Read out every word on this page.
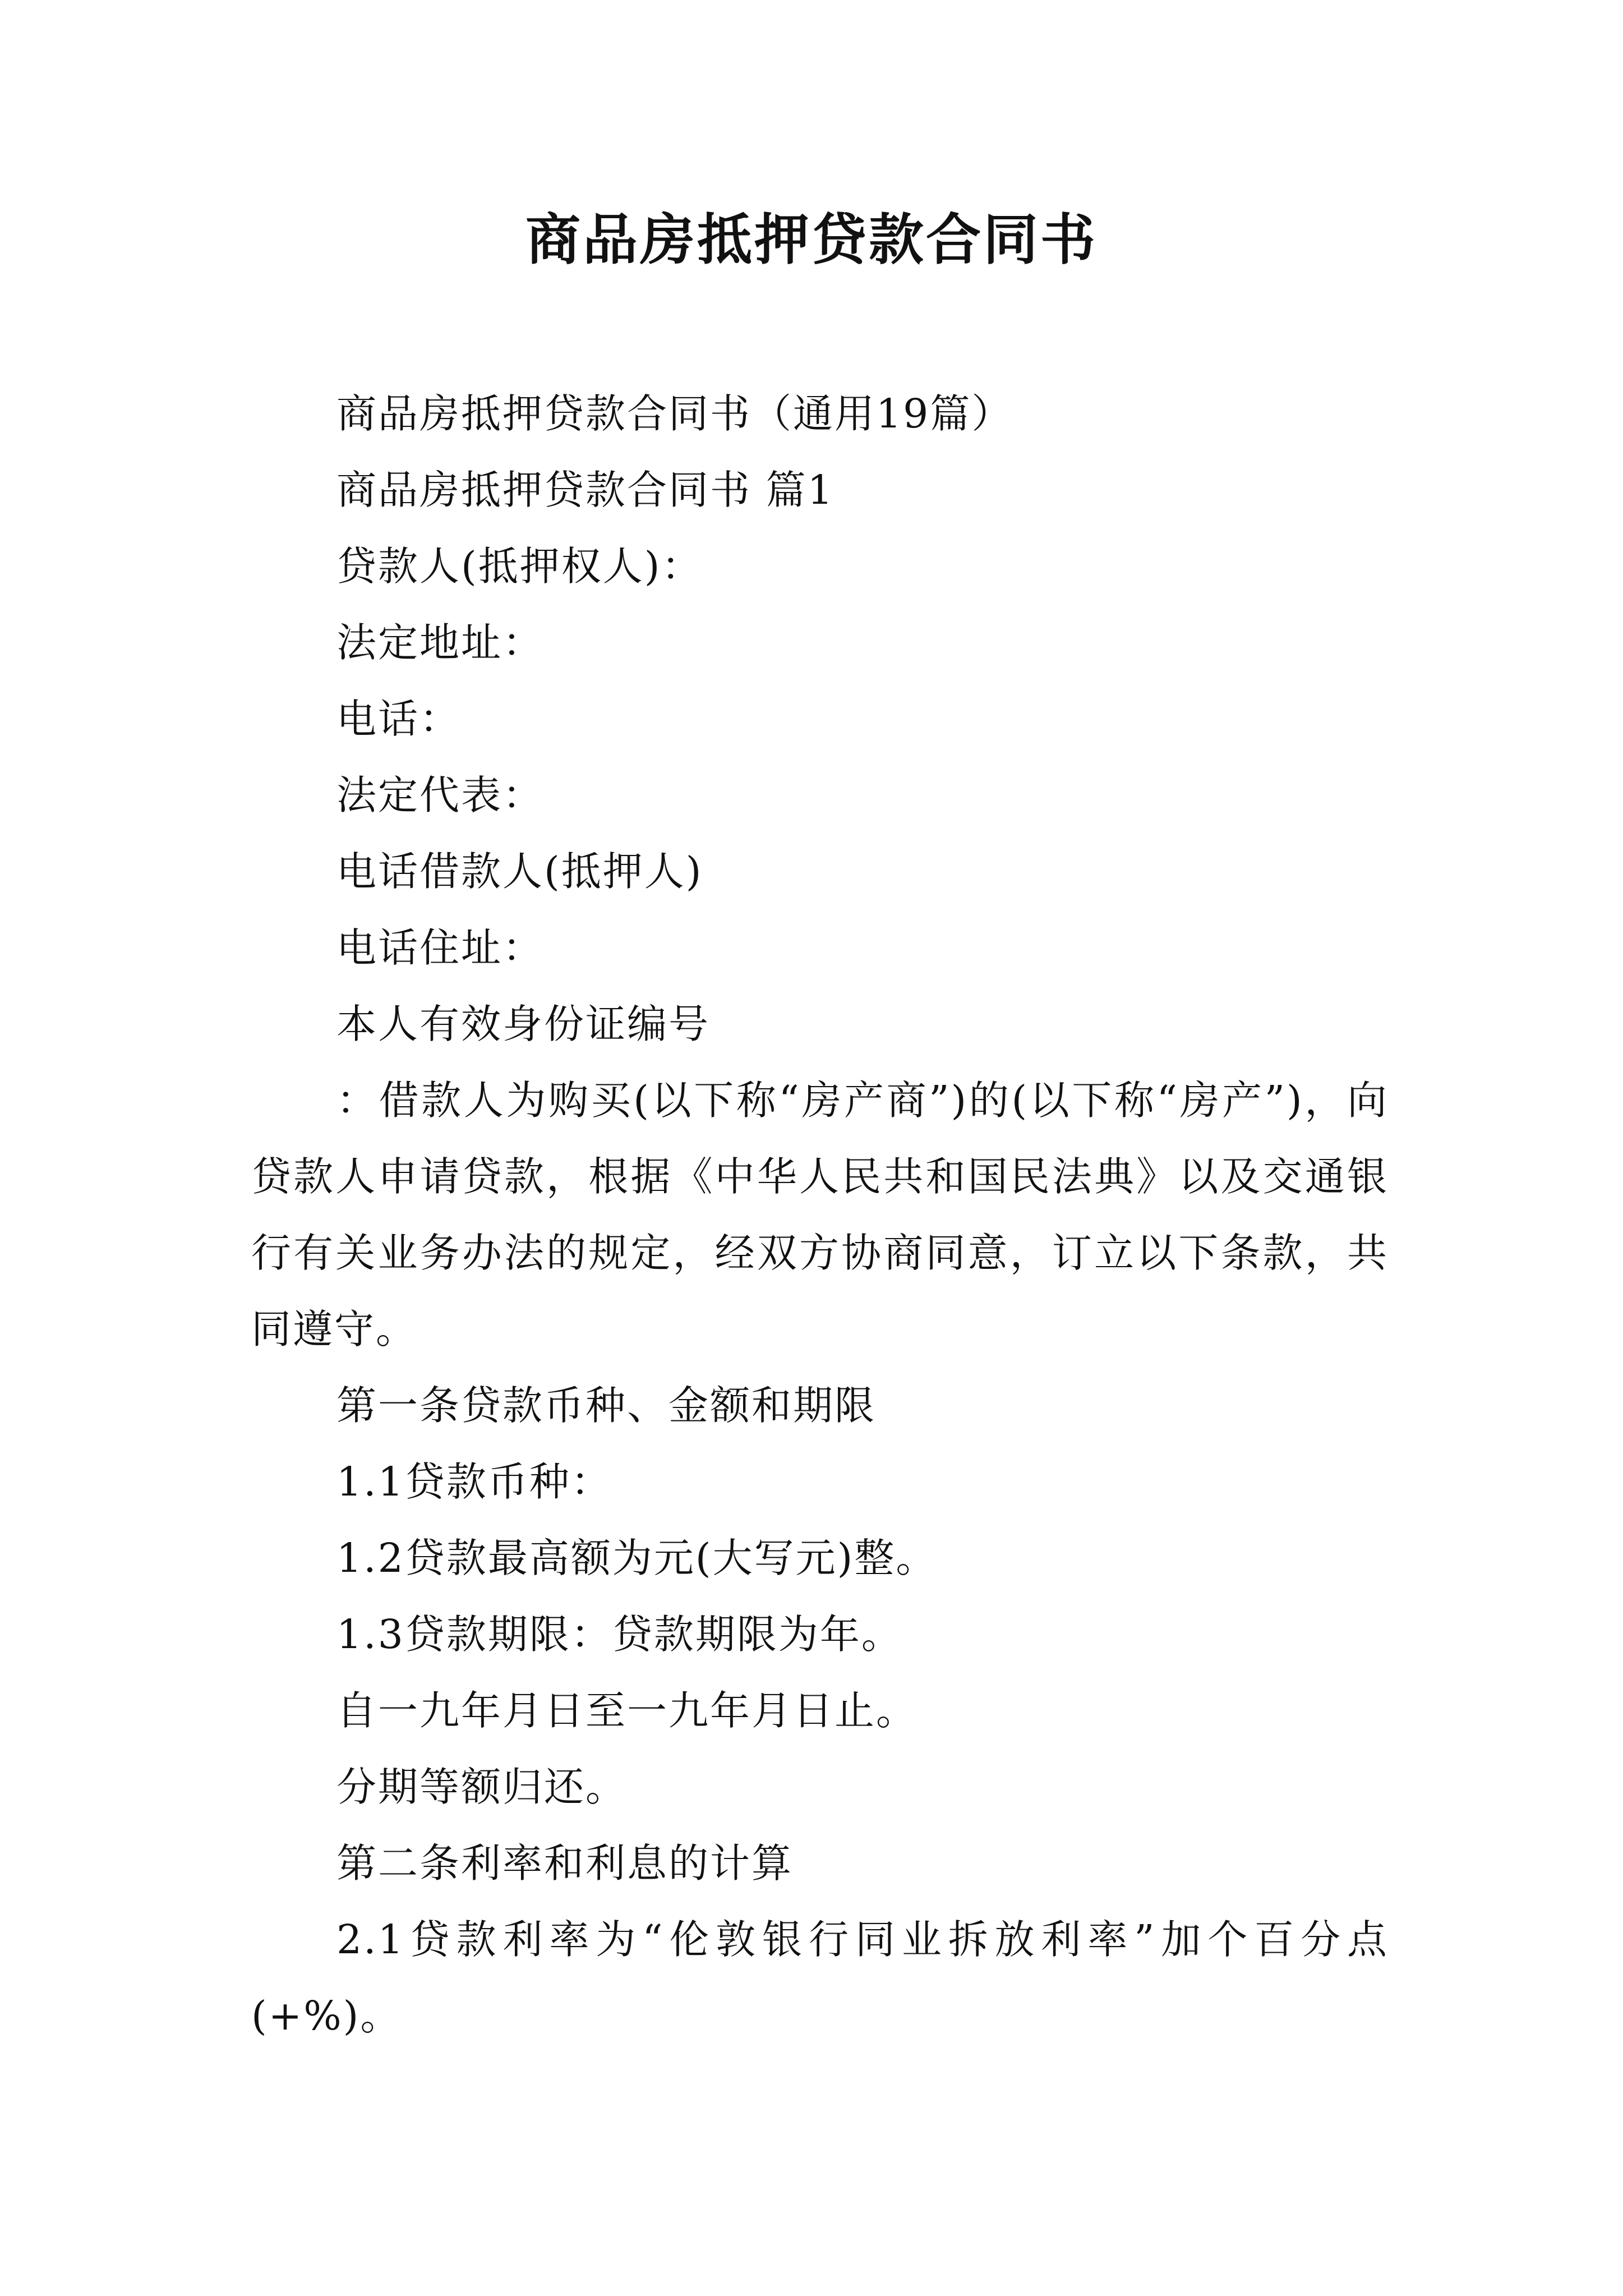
商品房抵押贷款合同书

商品房抵押贷款合同书（通用19篇）

商品房抵押贷款合同书 篇1

贷款人(抵押权人)：

法定地址：

电话：

法定代表：

电话借款人(抵押人)

电话住址：

本人有效身份证编号

：借款人为购买(以下称“房产商”)的(以下称“房产”)，向贷款人申请贷款，根据《中华人民共和国民法典》以及交通银行有关业务办法的规定，经双方协商同意，订立以下条款，共同遵守。

第一条贷款币种、金额和期限

1.1贷款币种：

1.2贷款最高额为元(大写元)整。

1.3贷款期限：贷款期限为年。

自一九年月日至一九年月日止。

分期等额归还。

第二条利率和利息的计算

2.1贷款利率为“伦敦银行同业拆放利率”加个百分点(+%)。
